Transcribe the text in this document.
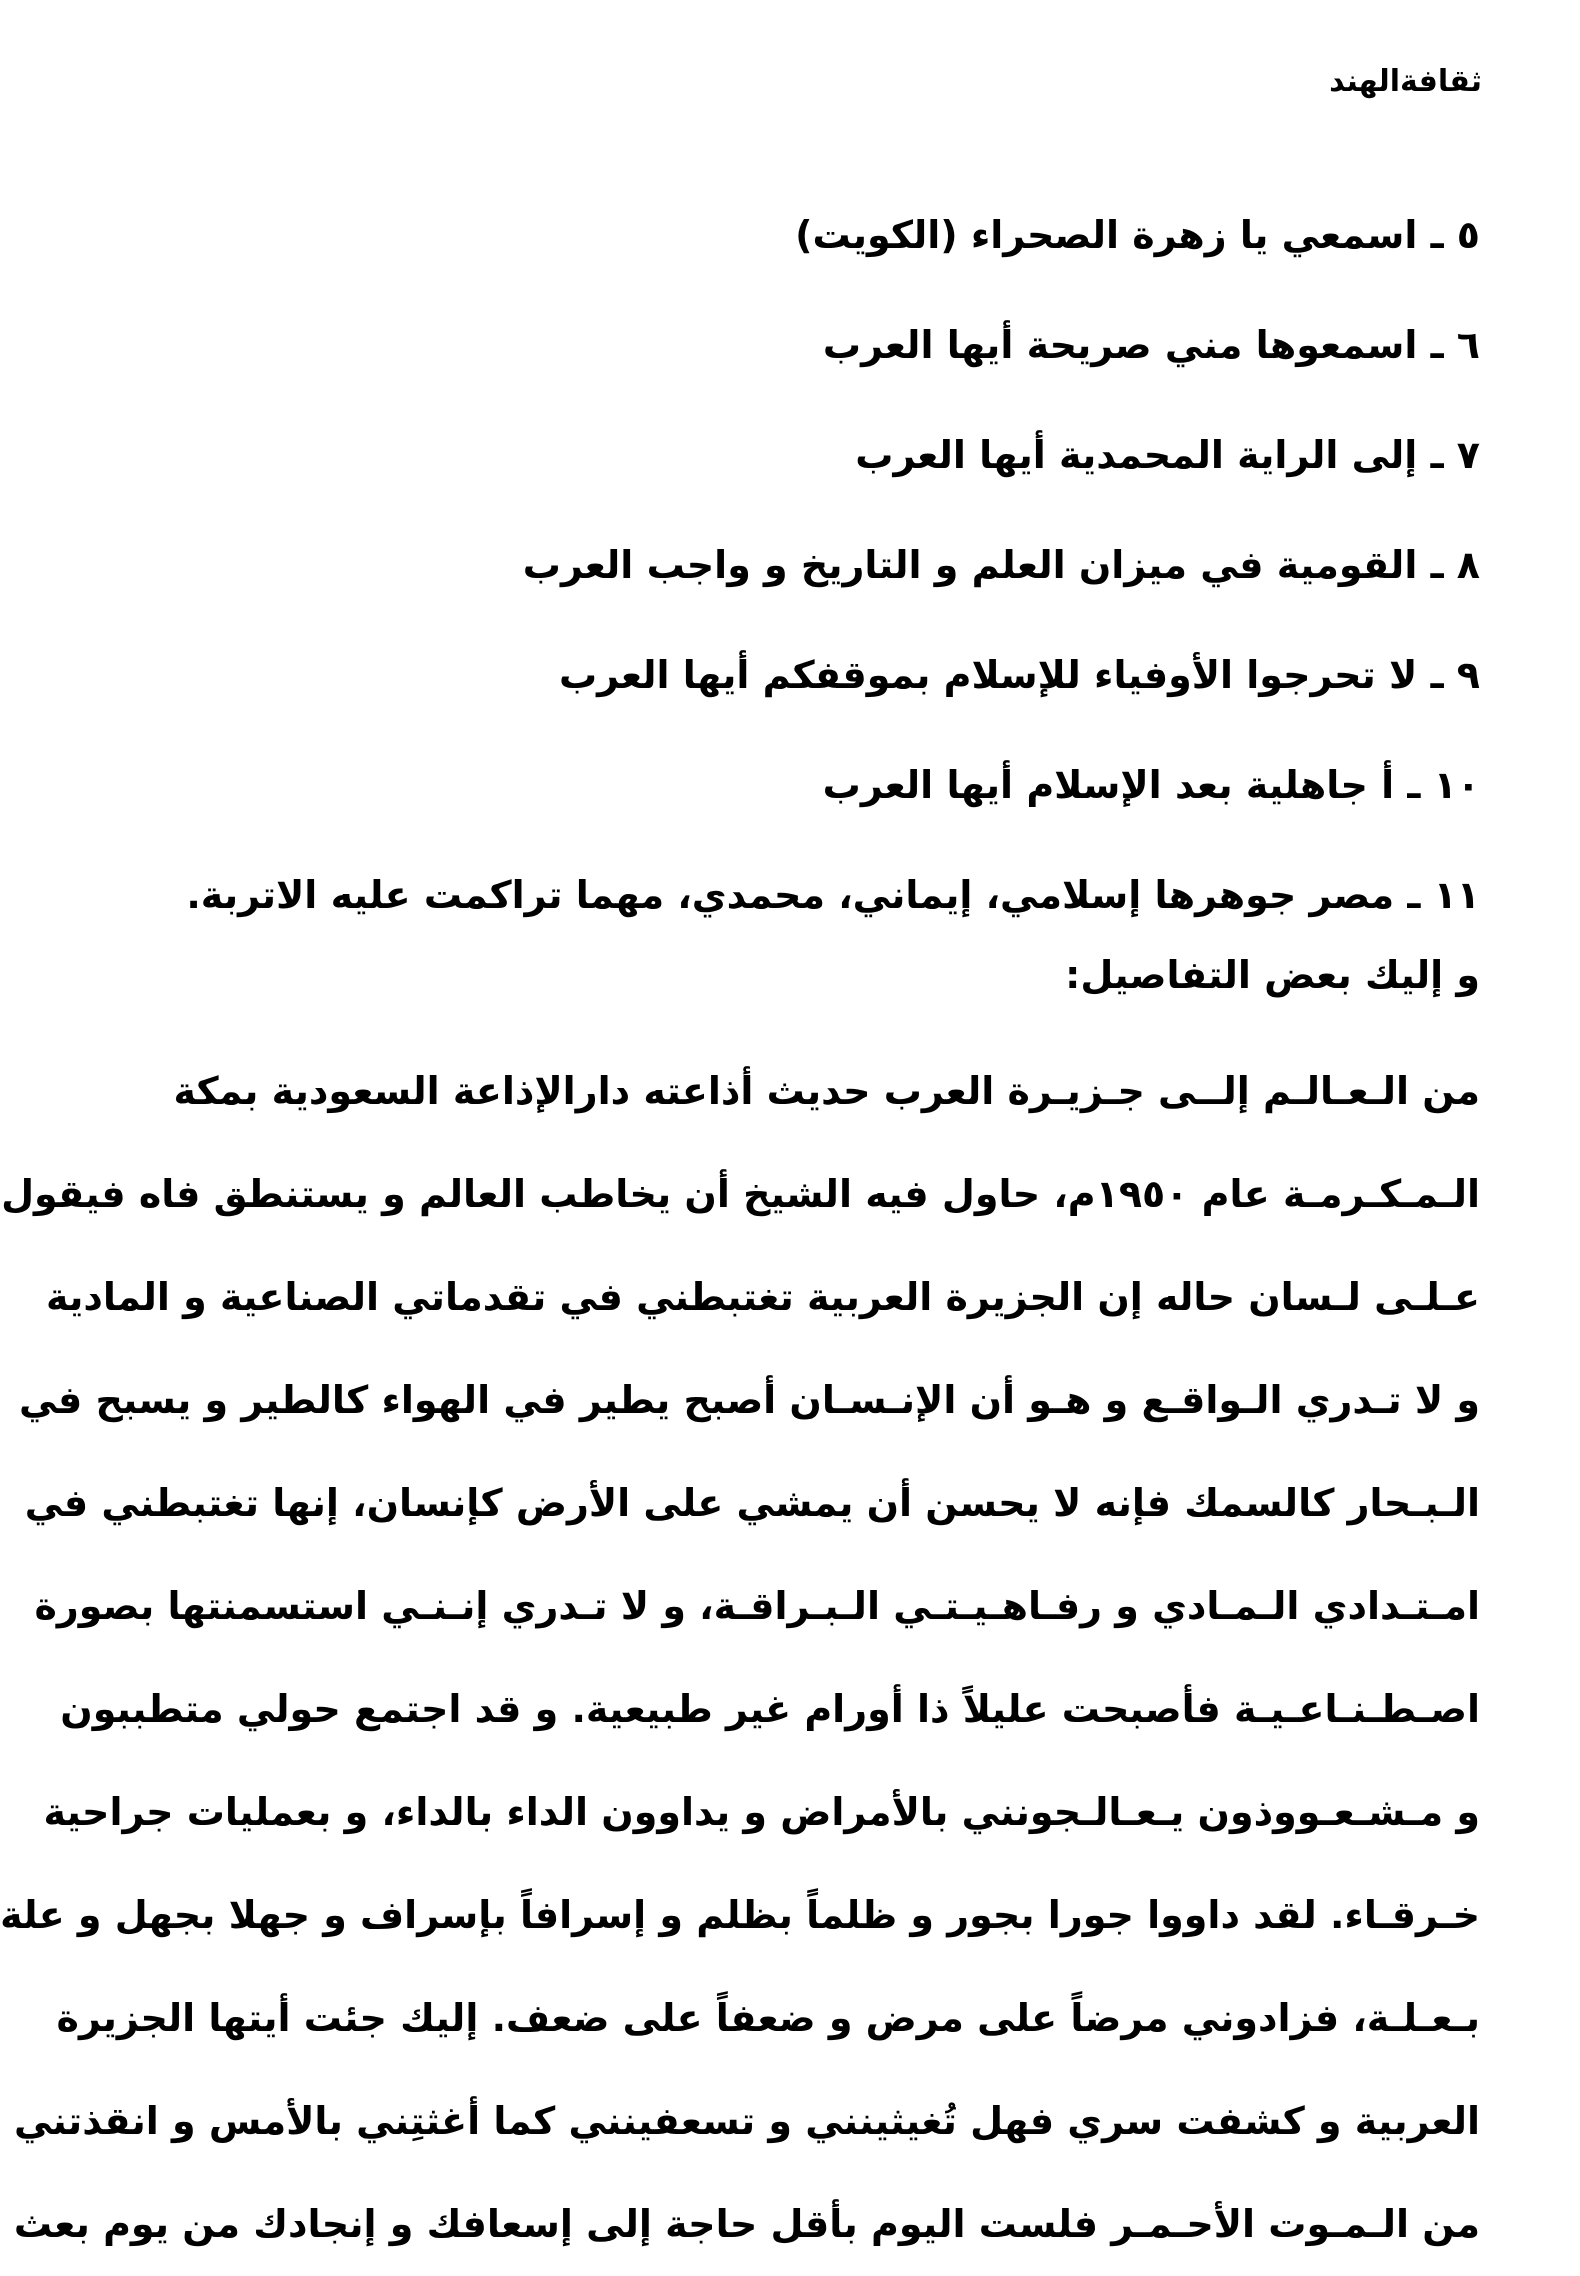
ثقافةالهند
٥ ـ اسمعي يا زهرة الصحراء (الكويت)
٦ ـ اسمعوها مني صريحة أيها العرب
٧ ـ إلى الراية المحمدية أيها العرب
٨ ـ القومية في ميزان العلم و التاريخ و واجب العرب
٩ ـ لا تحرجوا الأوفياء للإسلام بموقفكم أيها العرب
١٠ ـ أ جاهلية بعد الإسلام أيها العرب
١١ ـ مصر جوهرها إسلامي، إيماني، محمدي، مهما تراكمت عليه الاتربة.
و إليك بعض التفاصيل:
من الـعـالـم إلــى جـزيـرة العرب حديث أذاعته دارالإذاعة السعودية بمكة
الـمـكـرمـة عام ١٩٥٠م، حاول فيه الشيخ أن يخاطب العالم و يستنطق فاه فيقول
عـلـى لـسان حاله إن الجزيرة العربية تغتبطني في تقدماتي الصناعية و المادية
و لا تـدري الـواقـع و هـو أن الإنـسـان أصبح يطير في الهواء كالطير و يسبح في
الـبـحار كالسمك فإنه لا يحسن أن يمشي على الأرض كإنسان، إنها تغتبطني في
امـتـدادي الـمـادي و رفـاهـيـتـي الـبـراقـة، و لا تـدري إنـنـي استسمنتها بصورة
اصـطـنـاعـيـة فأصبحت عليلاً ذا أورام غير طبيعية. و قد اجتمع حولي متطببون
و مـشـعـووذون يـعـالـجونني بالأمراض و يداوون الداء بالداء، و بعمليات جراحية
خـرقـاء. لقد داووا جورا بجور و ظلماً بظلم و إسرافاً بإسراف و جهلا بجهل و علة
بـعـلـة، فزادوني مرضاً على مرض و ضعفاً على ضعف. إليك جئت أيتها الجزيرة
العربية و كشفت سري فهل تُغيثينني و تسعفينني كما أغثتِني بالأمس و انقذتني
من الـمـوت الأحـمـر فلست اليوم بأقل حاجة إلى إسعافك و إنجادك من يوم بعث
